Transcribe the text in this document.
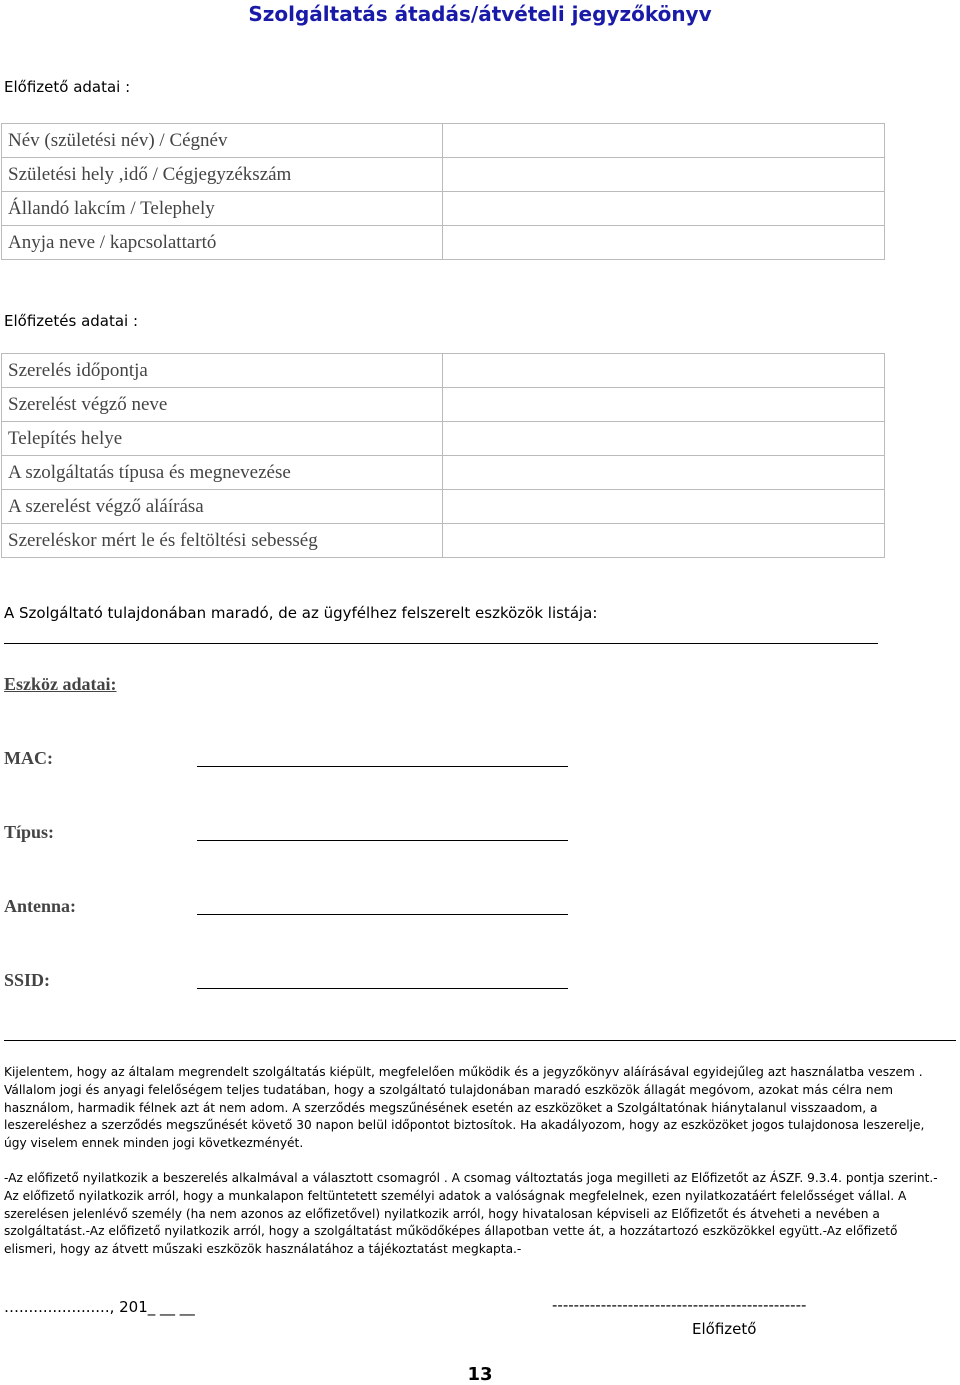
Szolgáltatás átadás/átvételi jegyzőkönyv
Előfizető adatai :
Név (születési név) / Cégnév	
Születési hely ,idő / Cégjegyzékszám	
Állandó lakcím / Telephely	
Anyja neve / kapcsolattartó	
Előfizetés adatai :
Szerelés időpontja	
Szerelést végző neve	
Telepítés helye	
A szolgáltatás típusa és megnevezése	
A szerelést végző aláírása	
Szereléskor mért le és feltöltési sebesség	
A Szolgáltató tulajdonában maradó, de az ügyfélhez felszerelt eszközök listája:
Eszköz adatai:
MAC:
Típus:
Antenna:
SSID:

Kijelentem, hogy az általam megrendelt szolgáltatás kiépült, megfelelően működik és a jegyzőkönyv aláírásával egyidejűleg azt használatba veszem .

Vállalom jogi és anyagi felelőségem teljes tudatában, hogy a szolgáltató tulajdonában maradó eszközök állagát megóvom, azokat más célra nem használom, harmadik félnek azt át nem adom. A szerződés megszűnésének esetén az eszközöket a Szolgáltatónak hiánytalanul visszaadom, a leszereléshez a szerződés megszűnését követő 30 napon belül időpontot biztosítok. Ha akadályozom, hogy az eszközöket jogos tulajdonosa leszerelje, úgy viselem ennek minden jogi következményét.

-Az előfizető nyilatkozik a beszerelés alkalmával a választott csomagról . A csomag változtatás joga megilleti az Előfizetőt az ÁSZF. 9.3.4. pontja szerint.-Az előfizető nyilatkozik arról, hogy a munkalapon feltüntetett személyi adatok a valóságnak megfelelnek, ezen nyilatkozatáért felelősséget vállal. A szerelésen jelenlévő személy (ha nem azonos az előfizetővel) nyilatkozik arról, hogy hivatalosan képviseli az Előfizetőt és átveheti a nevében a szolgáltatást.-Az előfizető nyilatkozik arról, hogy a szolgáltatást működőképes állapotban vette át, a hozzátartozó eszközökkel együtt.-Az előfizető elismeri, hogy az átvett műszaki eszközök használatához a tájékoztatást megkapta.-

…..................., 201_ __ __	-----------------------------------------------
Előfizető
13
